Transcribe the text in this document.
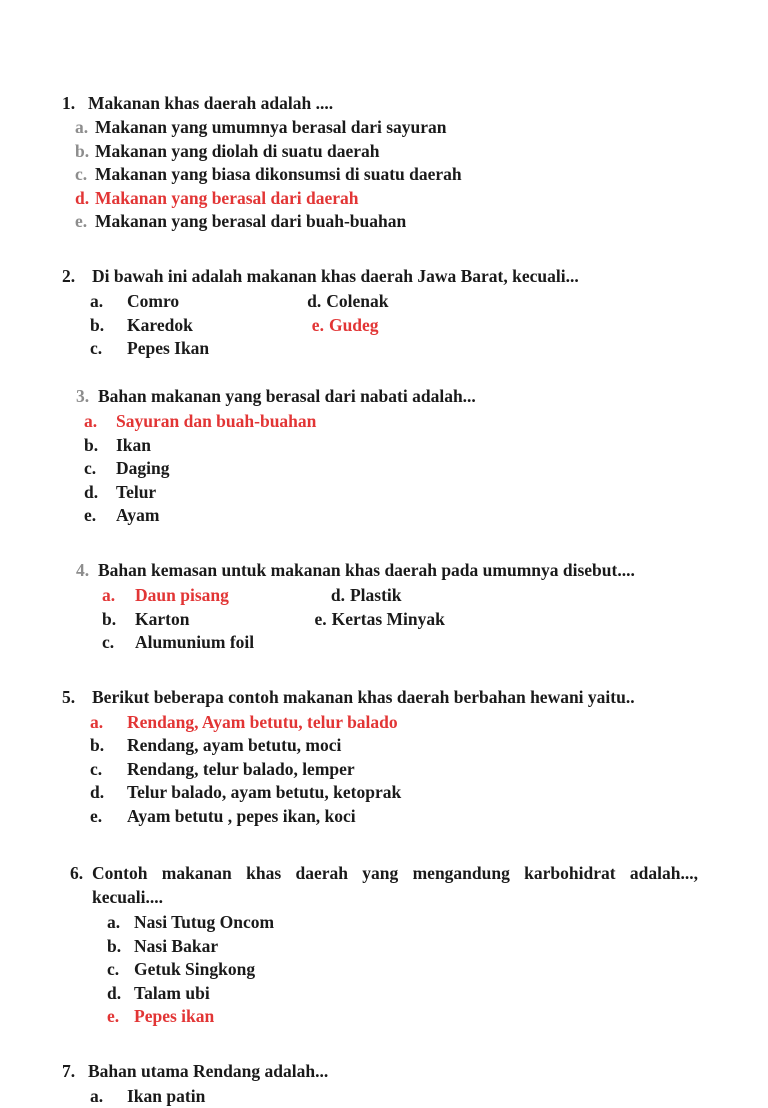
1. Makanan khas daerah adalah ....
a. Makanan yang umumnya berasal dari sayuran
b. Makanan yang diolah di suatu daerah
c. Makanan yang biasa dikonsumsi di suatu daerah
d. Makanan yang berasal dari daerah
e. Makanan yang berasal dari buah-buahan
2. Di bawah ini adalah makanan khas daerah Jawa Barat, kecuali...
a.	Comro	d. Colenak
b.	Karedok	e. Gudeg
c.	Pepes Ikan
3. Bahan makanan yang berasal dari nabati adalah...
a.	Sayuran dan buah-buahan
b.	Ikan
c.	Daging
d.	Telur
e.	Ayam
4. Bahan kemasan untuk makanan khas daerah pada umumnya disebut....
a.	Daun pisang	d. Plastik
b.	Karton	e. Kertas Minyak
c.	Alumunium foil
5. Berikut beberapa contoh makanan khas daerah berbahan hewani yaitu..
a.	Rendang, Ayam betutu, telur balado
b.	Rendang, ayam betutu, moci
c.	Rendang, telur balado, lemper
d.	Telur balado, ayam betutu, ketoprak
e.	Ayam betutu , pepes ikan, koci
6. Contoh makanan khas daerah yang mengandung karbohidrat adalah..., kecuali....
a. Nasi Tutug Oncom
b. Nasi Bakar
c. Getuk Singkong
d. Talam ubi
e. Pepes ikan
7. Bahan utama Rendang adalah...
a.	Ikan patin
